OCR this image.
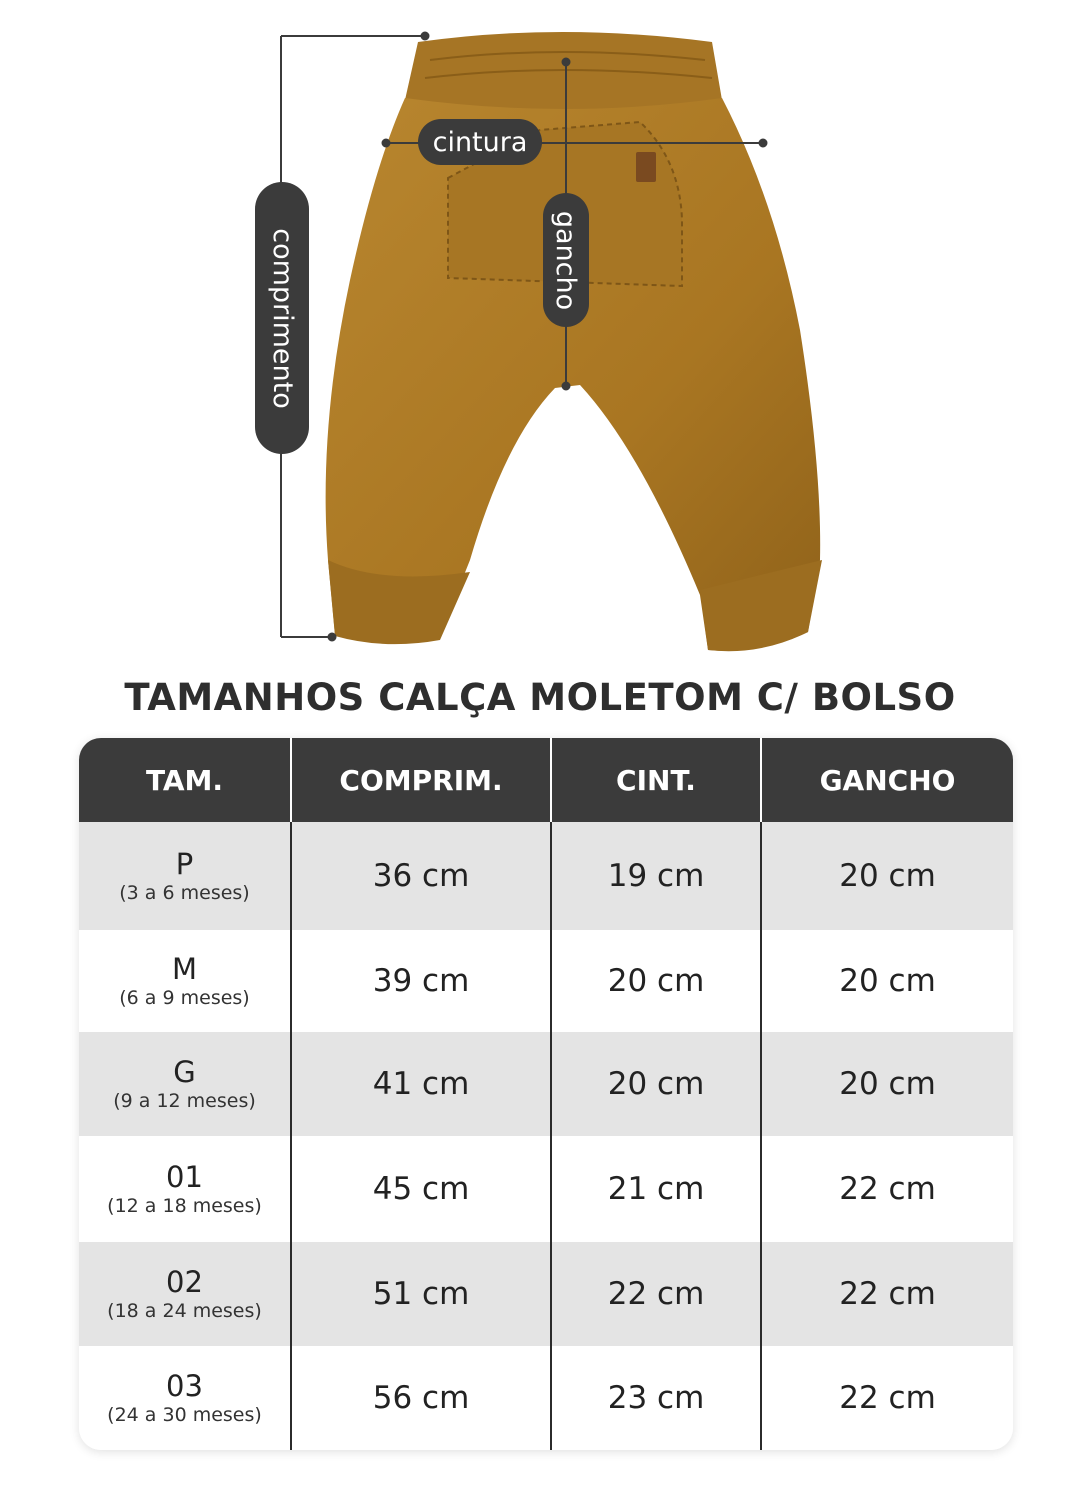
cintura
comprimento	gancho
TAMANHOS CALÇA MOLETOM C/ BOLSO
TAM.	COMPRIM.	CINT.	GANCHO
P
(3 a 6 meses)	36 cm	19 cm	20 cm
M
(6 a 9 meses)	39 cm	20 cm	20 cm
G
(9 a 12 meses)	41 cm	20 cm	20 cm
01
(12 a 18 meses)	45 cm	21 cm	22 cm
02
(18 a 24 meses)	51 cm	22 cm	22 cm
03
(24 a 30 meses)	56 cm	23 cm	22 cm
